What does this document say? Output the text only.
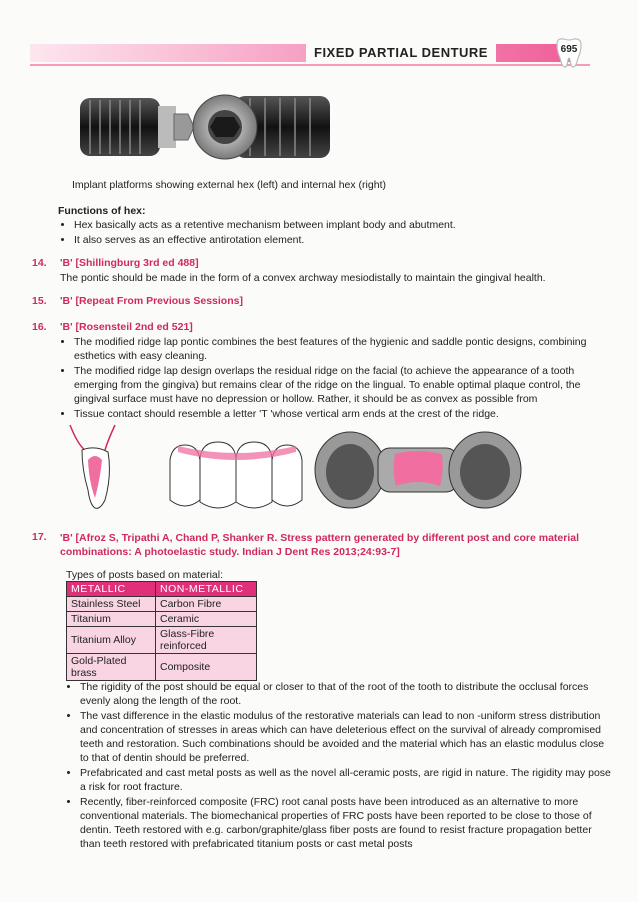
FIXED PARTIAL DENTURE	695
Implant platforms showing external hex (left) and internal hex (right)
Functions of hex:
• Hex basically acts as a retentive mechanism between implant body and abutment.
• It also serves as an effective antirotation element.
14. 'B' [Shillingburg 3rd ed 488]
The pontic should be made in the form of a convex archway mesiodistally to maintain the gingival health.
15. 'B' [Repeat From Previous Sessions]
16. 'B' [Rosensteil 2nd ed 521]
• The modified ridge lap pontic combines the best features of the hygienic and saddle pontic designs, combining esthetics with easy cleaning.
• The modified ridge lap design overlaps the residual ridge on the facial (to achieve the appearance of a tooth emerging from the gingiva) but remains clear of the ridge on the lingual. To enable optimal plaque control, the gingival surface must have no depression or hollow. Rather, it should be as convex as possible from
• Tissue contact should resemble a letter 'T 'whose vertical arm ends at the crest of the ridge.
17. 'B' [Afroz S, Tripathi A, Chand P, Shanker R. Stress pattern generated by different post and core material combinations: A photoelastic study. Indian J Dent Res 2013;24:93-7]
Types of posts based on material:
METALLIC	NON-METALLIC
Stainless Steel	Carbon Fibre
Titanium	Ceramic
Titanium Alloy	Glass-Fibre reinforced
Gold-Plated brass	Composite
• The rigidity of the post should be equal or closer to that of the root of the tooth to distribute the occlusal forces evenly along the length of the root.
• The vast difference in the elastic modulus of the restorative materials can lead to non -uniform stress distribution and concentration of stresses in areas which can have deleterious effect on the survival of already compromised teeth and restoration. Such combinations should be avoided and the material which has an elastic modulus close to that of dentin should be preferred.
• Prefabricated and cast metal posts as well as the novel all-ceramic posts, are rigid in nature. The rigidity may pose a risk for root fracture.
• Recently, fiber-reinforced composite (FRC) root canal posts have been introduced as an alternative to more conventional materials. The biomechanical properties of FRC posts have been reported to be close to those of dentin. Teeth restored with e.g. carbon/graphite/glass fiber posts are found to resist fracture propagation better than teeth restored with prefabricated titanium posts or cast metal posts
